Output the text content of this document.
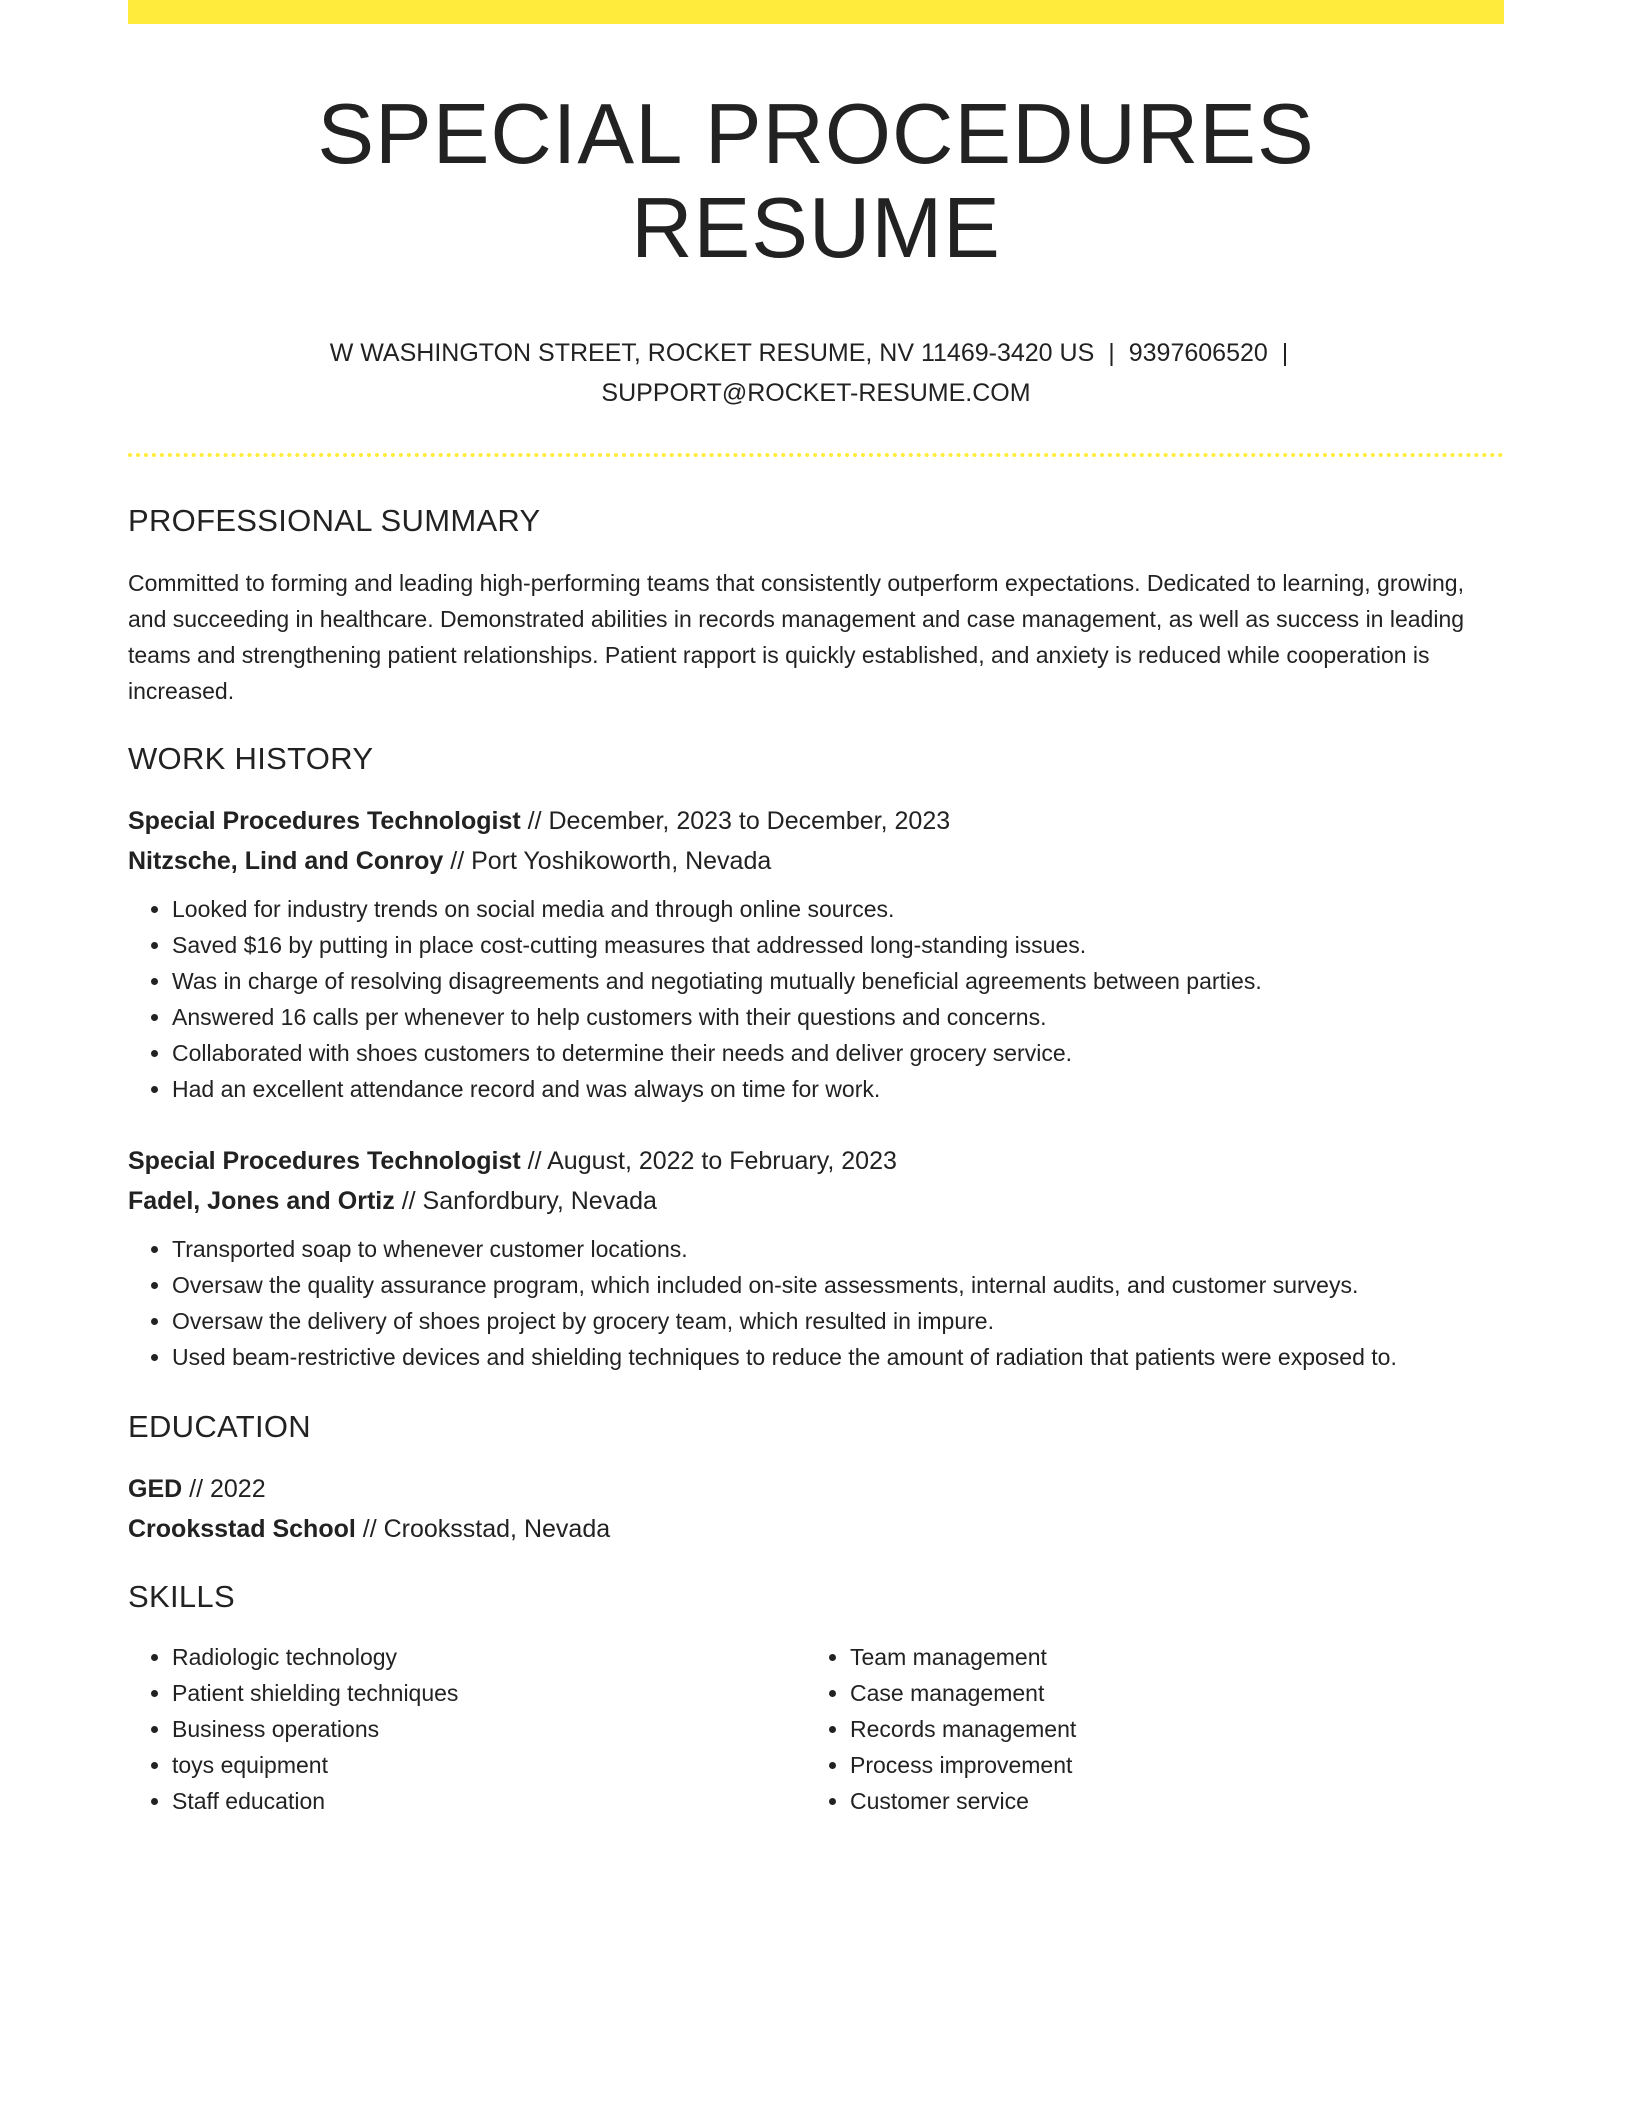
SPECIAL PROCEDURES RESUME
W WASHINGTON STREET, ROCKET RESUME, NV 11469-3420 US | 9397606520 |
SUPPORT@ROCKET-RESUME.COM
PROFESSIONAL SUMMARY

Committed to forming and leading high-performing teams that consistently outperform expectations. Dedicated to learning, growing, and succeeding in healthcare. Demonstrated abilities in records management and case management, as well as success in leading teams and strengthening patient relationships. Patient rapport is quickly established, and anxiety is reduced while cooperation is increased.

WORK HISTORY
Special Procedures Technologist // December, 2023 to December, 2023
Nitzsche, Lind and Conroy // Port Yoshikoworth, Nevada
• Looked for industry trends on social media and through online sources.
• Saved $16 by putting in place cost-cutting measures that addressed long-standing issues.
• Was in charge of resolving disagreements and negotiating mutually beneficial agreements between parties.
• Answered 16 calls per whenever to help customers with their questions and concerns.
• Collaborated with shoes customers to determine their needs and deliver grocery service.
• Had an excellent attendance record and was always on time for work.
Special Procedures Technologist // August, 2022 to February, 2023
Fadel, Jones and Ortiz // Sanfordbury, Nevada
• Transported soap to whenever customer locations.
• Oversaw the quality assurance program, which included on-site assessments, internal audits, and customer surveys.
• Oversaw the delivery of shoes project by grocery team, which resulted in impure.
• Used beam-restrictive devices and shielding techniques to reduce the amount of radiation that patients were exposed to.
EDUCATION
GED // 2022
Crooksstad School // Crooksstad, Nevada
SKILLS
• Radiologic technology
• Patient shielding techniques
• Business operations
• toys equipment
• Staff education
• Team management
• Case management
• Records management
• Process improvement
• Customer service
